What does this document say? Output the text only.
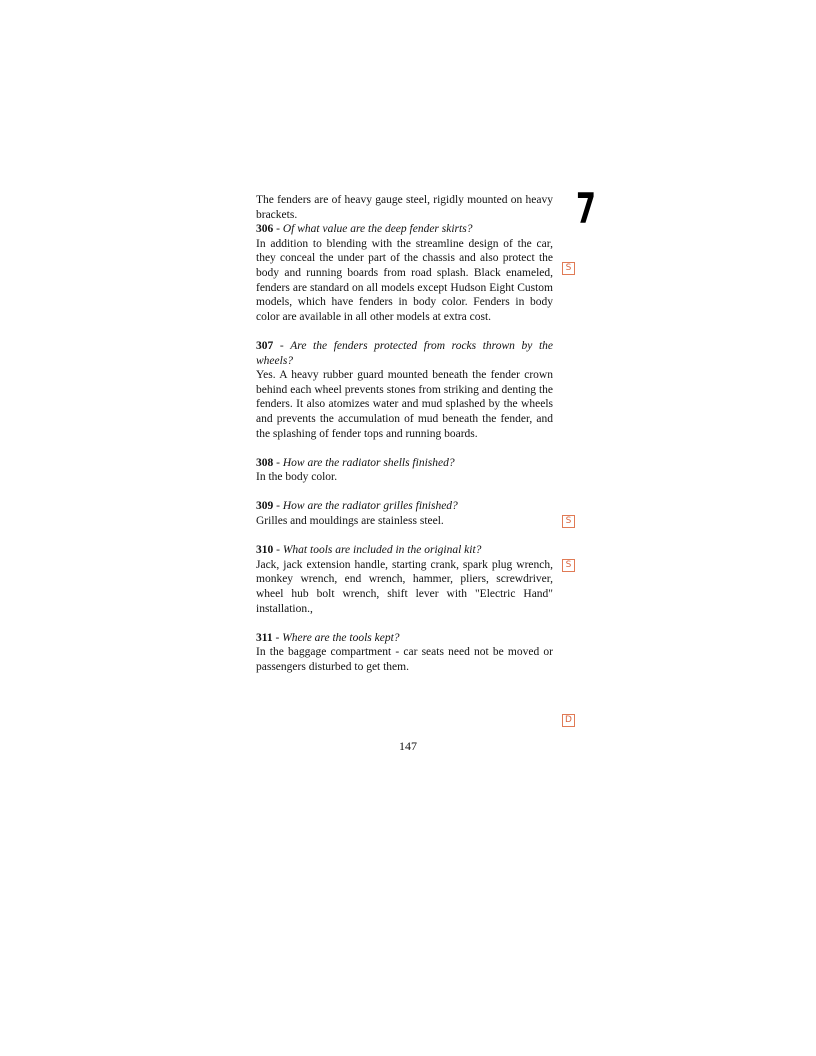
7

The fenders are of heavy gauge steel, rigidly mounted on heavy brackets.

306 - Of what value are the deep fender skirts?

In addition to blending with the streamline design of the car, they conceal the under part of the chassis and also protect the body and running boards from road splash. Black enameled, fenders are standard on all models except Hudson Eight Custom models, which have fenders in body color. Fenders in body color are available in all other models at extra cost.

307 - Are the fenders protected from rocks thrown by the wheels?

Yes. A heavy rubber guard mounted beneath the fender crown behind each wheel prevents stones from striking and denting the fenders. It also atomizes water and mud splashed by the wheels and prevents the accumulation of mud beneath the fender, and the splashing of fender tops and running boards.

308 - How are the radiator shells finished?

In the body color.

309 - How are the radiator grilles finished?

Grilles and mouldings are stainless steel.

310 - What tools are included in the original kit?

Jack, jack extension handle, starting crank, spark plug wrench, monkey wrench, end wrench, hammer, pliers, screwdriver, wheel hub bolt wrench, shift lever with "Electric Hand" installation.,

311 - Where are the tools kept?

In the baggage compartment - car seats need not be moved or passengers disturbed to get them.

S
S
S
D
147
